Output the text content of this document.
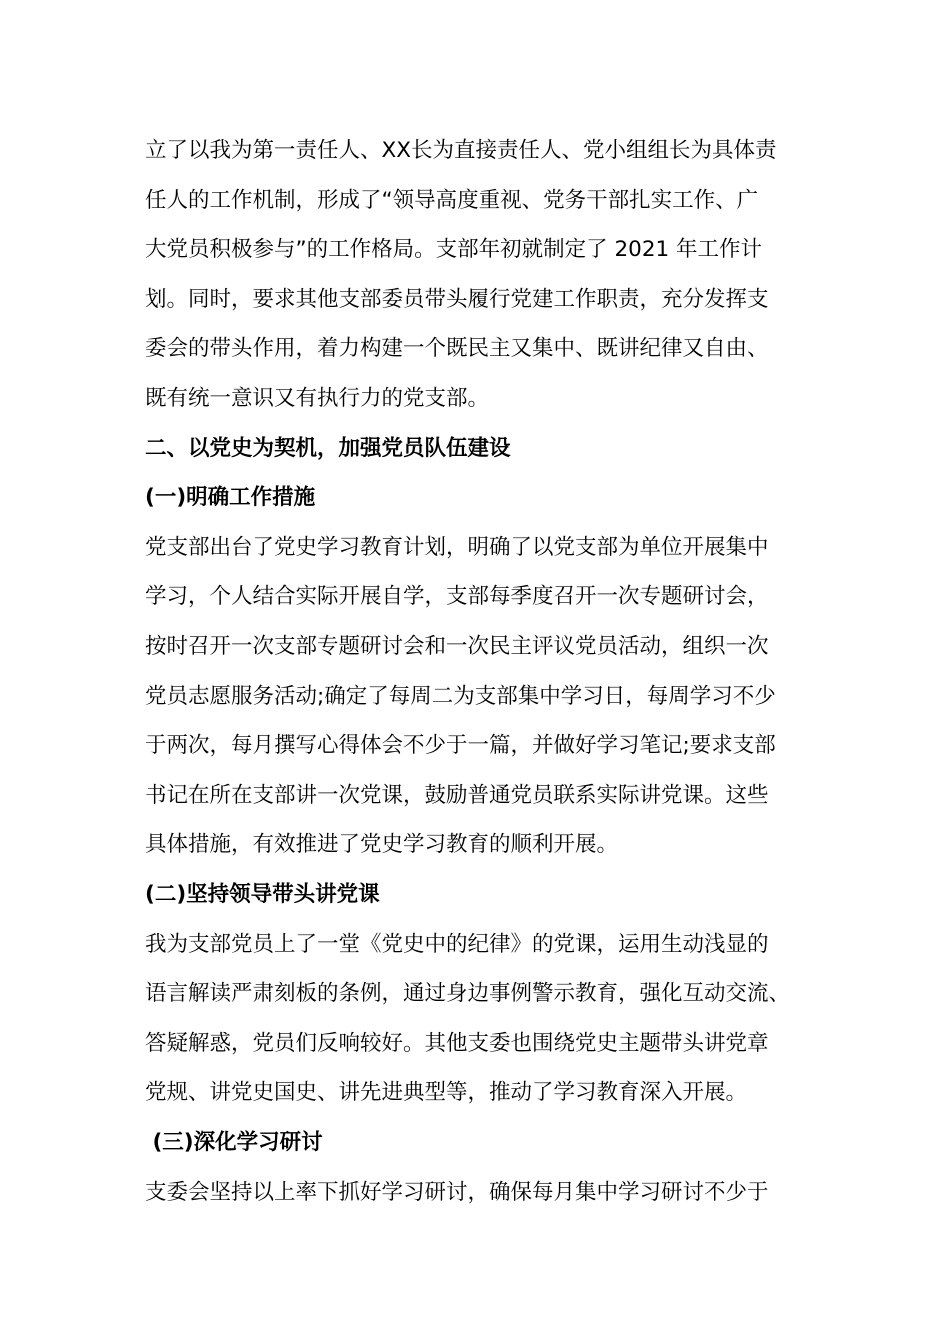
立了以我为第一责任人、XX长为直接责任人、党小组组长为具体责
任人的工作机制，形成了“领导高度重视、党务干部扎实工作、广
大党员积极参与”的工作格局。支部年初就制定了 2021 年工作计
划。同时，要求其他支部委员带头履行党建工作职责，充分发挥支
委会的带头作用，着力构建一个既民主又集中、既讲纪律又自由、
既有统一意识又有执行力的党支部。
二、以党史为契机，加强党员队伍建设
(一)明确工作措施
党支部出台了党史学习教育计划，明确了以党支部为单位开展集中
学习，个人结合实际开展自学，支部每季度召开一次专题研讨会，
按时召开一次支部专题研讨会和一次民主评议党员活动，组织一次
党员志愿服务活动;确定了每周二为支部集中学习日，每周学习不少
于两次，每月撰写心得体会不少于一篇，并做好学习笔记;要求支部
书记在所在支部讲一次党课，鼓励普通党员联系实际讲党课。这些
具体措施，有效推进了党史学习教育的顺利开展。
(二)坚持领导带头讲党课
我为支部党员上了一堂《党史中的纪律》的党课，运用生动浅显的
语言解读严肃刻板的条例，通过身边事例警示教育，强化互动交流、
答疑解惑，党员们反响较好。其他支委也围绕党史主题带头讲党章
党规、讲党史国史、讲先进典型等，推动了学习教育深入开展。
(三)深化学习研讨
支委会坚持以上率下抓好学习研讨，确保每月集中学习研讨不少于
